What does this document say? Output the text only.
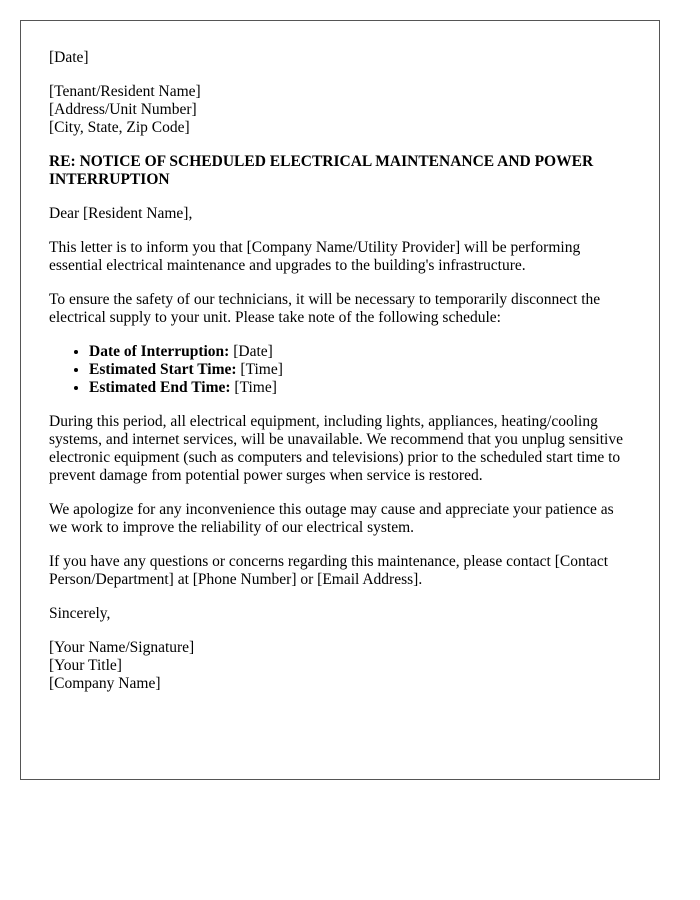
[Date]

[Tenant/Resident Name]

[Address/Unit Number]

[City, State, Zip Code]

RE: NOTICE OF SCHEDULED ELECTRICAL MAINTENANCE AND POWER INTERRUPTION

Dear [Resident Name],

This letter is to inform you that [Company Name/Utility Provider] will be performing essential electrical maintenance and upgrades to the building's infrastructure.

To ensure the safety of our technicians, it will be necessary to temporarily disconnect the electrical supply to your unit. Please take note of the following schedule:

• Date of Interruption: [Date]
• Estimated Start Time: [Time]
• Estimated End Time: [Time]

During this period, all electrical equipment, including lights, appliances, heating/cooling systems, and internet services, will be unavailable. We recommend that you unplug sensitive electronic equipment (such as computers and televisions) prior to the scheduled start time to prevent damage from potential power surges when service is restored.

We apologize for any inconvenience this outage may cause and appreciate your patience as we work to improve the reliability of our electrical system.

If you have any questions or concerns regarding this maintenance, please contact [Contact Person/Department] at [Phone Number] or [Email Address].

Sincerely,

[Your Name/Signature]

[Your Title]

[Company Name]
